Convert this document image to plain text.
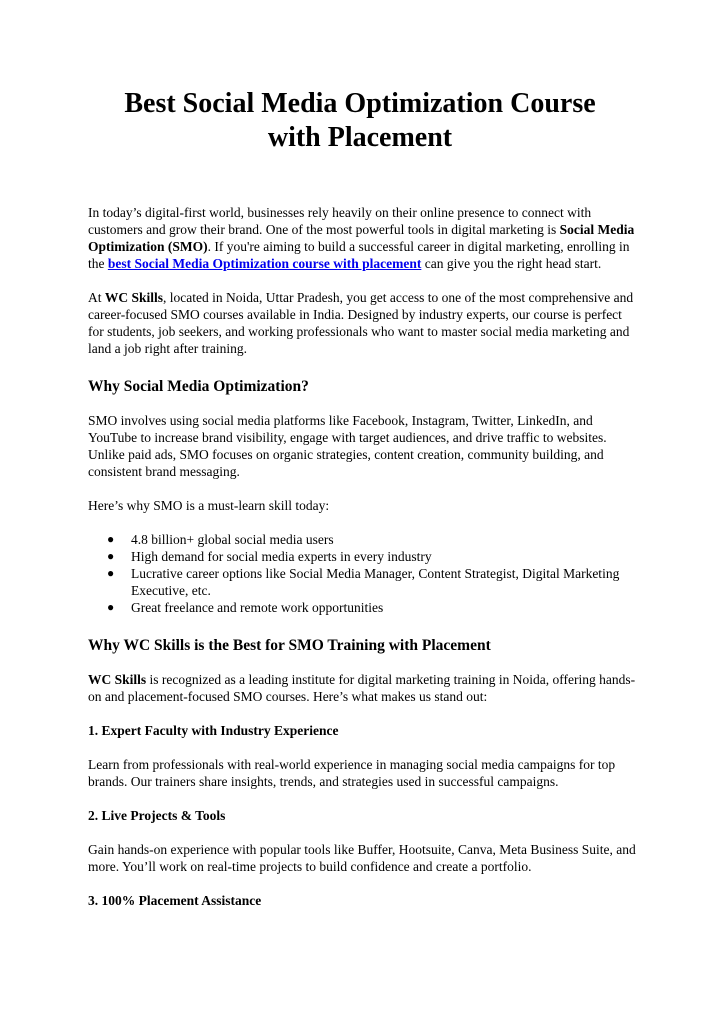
Best Social Media Optimization Course
with Placement

In today’s digital-first world, businesses rely heavily on their online presence to connect with customers and grow their brand. One of the most powerful tools in digital marketing is Social Media Optimization (SMO). If you're aiming to build a successful career in digital marketing, enrolling in the best Social Media Optimization course with placement can give you the right head start.

At WC Skills, located in Noida, Uttar Pradesh, you get access to one of the most comprehensive and career-focused SMO courses available in India. Designed by industry experts, our course is perfect for students, job seekers, and working professionals who want to master social media marketing and land a job right after training.

Why Social Media Optimization?

SMO involves using social media platforms like Facebook, Instagram, Twitter, LinkedIn, and YouTube to increase brand visibility, engage with target audiences, and drive traffic to websites. Unlike paid ads, SMO focuses on organic strategies, content creation, community building, and consistent brand messaging.

Here’s why SMO is a must-learn skill today:

● 4.8 billion+ global social media users
● High demand for social media experts in every industry
● Lucrative career options like Social Media Manager, Content Strategist, Digital Marketing Executive, etc.
● Great freelance and remote work opportunities
Why WC Skills is the Best for SMO Training with Placement

WC Skills is recognized as a leading institute for digital marketing training in Noida, offering hands-on and placement-focused SMO courses. Here’s what makes us stand out:

1. Expert Faculty with Industry Experience

Learn from professionals with real-world experience in managing social media campaigns for top brands. Our trainers share insights, trends, and strategies used in successful campaigns.

2. Live Projects & Tools

Gain hands-on experience with popular tools like Buffer, Hootsuite, Canva, Meta Business Suite, and more. You’ll work on real-time projects to build confidence and create a portfolio.

3. 100% Placement Assistance
